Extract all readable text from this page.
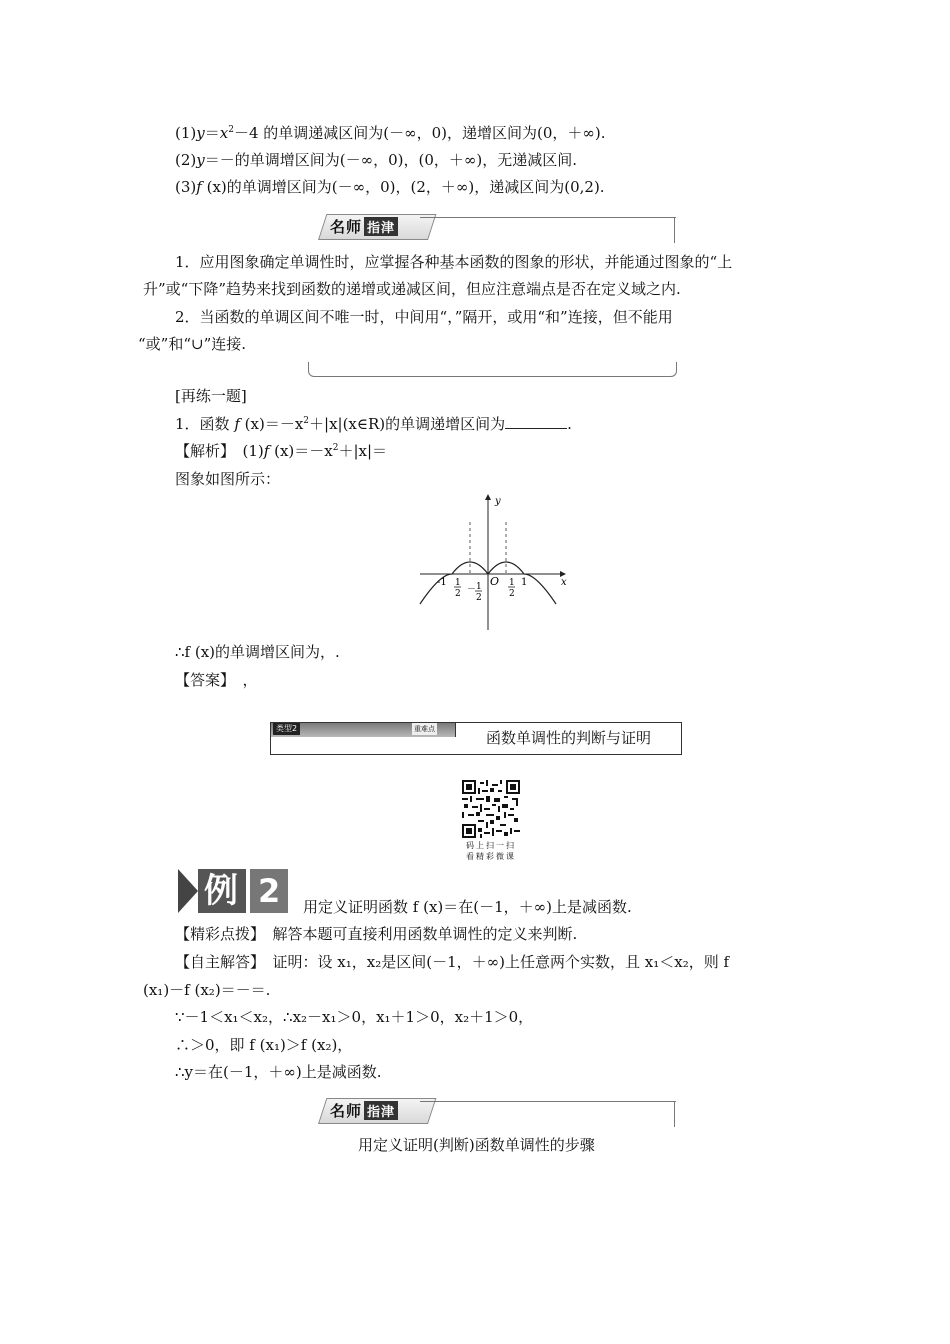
$(1)y=x^2-4$ 的单调递减区间为(－∞，0)，递增区间为(0，＋∞).
(2)y＝－的单调增区间为(－∞，0)，(0，＋∞)，无递减区间.
(3)f (x)的单调增区间为(－∞，0)，(2，＋∞)，递减区间为(0,2).
名师 指津
1．应用图象确定单调性时，应掌握各种基本函数的图象的形状，并能通过图象的“上
升”或“下降”趋势来找到函数的递增或递减区间，但应注意端点是否在定义域之内.
2．当函数的单调区间不唯一时，中间用“，”隔开，或用“和”连接，但不能用
“或”和“∪”连接.
[再练一题]
1．函数 f $(x)=-x^2+|x|(x\in R)$的单调递增区间为	.
【解析】　 (1)f $(x)=-x^2+|x|=$
图象如图所示：
y
x
O
-1 1
2 － 1
2
1
2
1
∴f (x)的单调增区间为，.
【答案】　 ，
类型2	重难点	函数单调性的判断与证明
码上扫一扫
看精彩微课
例 2	用定义证明函数 f (x)＝在(－1，＋∞)上是减函数.
【精彩点拨】　 解答本题可直接利用函数单调性的定义来判断.
【自主解答】　 证明：设 x₁，x₂是区间(－1，＋∞)上任意两个实数，且 x₁＜x₂，则 f
(x₁)－f (x₂)＝－＝.
∵－1＜x₁＜x₂，∴x₂－x₁＞0，x₁＋1＞0，x₂＋1＞0，
∴＞0，即 f (x₁)＞f (x₂)，
∴y＝在(－1，＋∞)上是减函数.
名师 指津
用定义证明(判断)函数单调性的步骤
